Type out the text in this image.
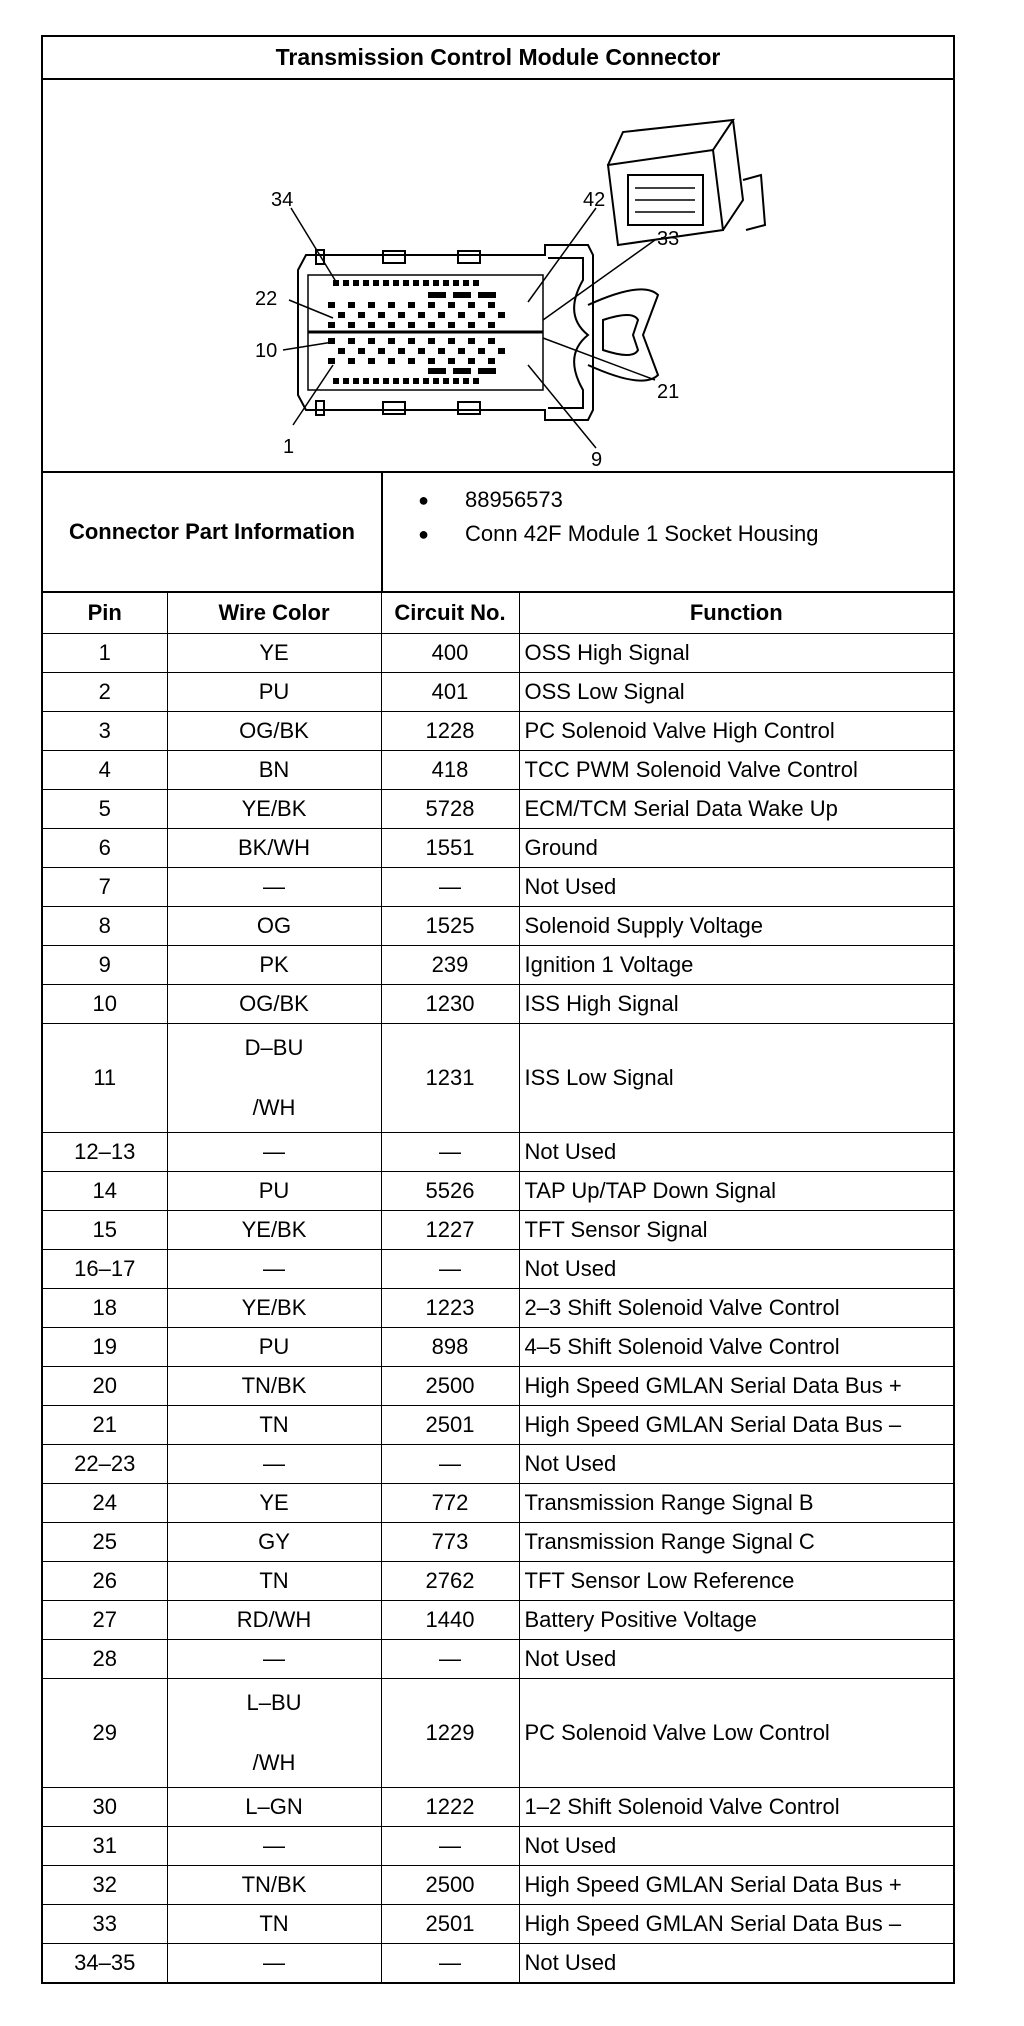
Transmission Control Module Connector
34	42
33
22
10
21
1
9
Connector Part Information
●	88956573
●	Conn 42F Module 1 Socket Housing
Pin	Wire Color	Circuit No.	Function
1	YE	400	OSS High Signal
2	PU	401	OSS Low Signal
3	OG/BK	1228	PC Solenoid Valve High Control
4	BN	418	TCC PWM Solenoid Valve Control
5	YE/BK	5728	ECM/TCM Serial Data Wake Up
6	BK/WH	1551	Ground
7	—	—	Not Used
8	OG	1525	Solenoid Supply Voltage
9	PK	239	Ignition 1 Voltage
10	OG/BK	1230	ISS High Signal
11	D–BU
/WH	1231	ISS Low Signal
12–13	—	—	Not Used
14	PU	5526	TAP Up/TAP Down Signal
15	YE/BK	1227	TFT Sensor Signal
16–17	—	—	Not Used
18	YE/BK	1223	2–3 Shift Solenoid Valve Control
19	PU	898	4–5 Shift Solenoid Valve Control
20	TN/BK	2500	High Speed GMLAN Serial Data Bus +
21	TN	2501	High Speed GMLAN Serial Data Bus –
22–23	—	—	Not Used
24	YE	772	Transmission Range Signal B
25	GY	773	Transmission Range Signal C
26	TN	2762	TFT Sensor Low Reference
27	RD/WH	1440	Battery Positive Voltage
28	—	—	Not Used
29	L–BU
/WH	1229	PC Solenoid Valve Low Control
30	L–GN	1222	1–2 Shift Solenoid Valve Control
31	—	—	Not Used
32	TN/BK	2500	High Speed GMLAN Serial Data Bus +
33	TN	2501	High Speed GMLAN Serial Data Bus –
34–35	—	—	Not Used
